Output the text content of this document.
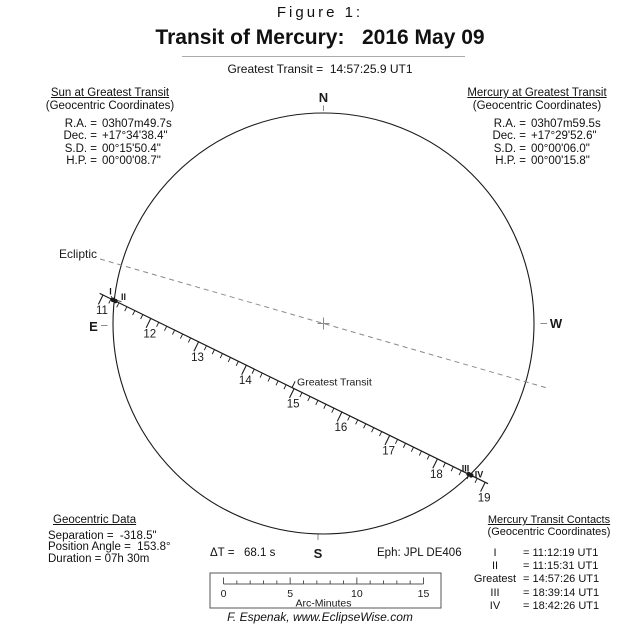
Ecliptic
N
S
E	W
11
12
13
14
15
16
17
18
19
Greatest Transit
I
II
III
IV
0	5	10	15
Arc-Minutes
Figure 1:
Transit of Mercury:   2016 May 09
Greatest Transit =  14:57:25.9 UT1
Sun at Greatest Transit
(Geocentric Coordinates)
R.A. = 03h07m49.7s
Dec. = +17°34'38.4"
S.D. = 00°15'50.4"
H.P. = 00°00'08.7"
Mercury at Greatest Transit
(Geocentric Coordinates)
R.A. = 03h07m59.5s
Dec. = +17°29'52.6"
S.D. = 00°00'06.0"
H.P. = 00°00'15.8"
Geocentric Data
Separation =  -318.5"
Position Angle =  153.8°
Duration = 07h 30m
Mercury Transit Contacts
(Geocentric Coordinates)
I	= 11:12:19 UT1
II	= 11:15:31 UT1
Greatest = 14:57:26 UT1
III	= 18:39:14 UT1
IV	= 18:42:26 UT1
ΔT =   68.1 s	Eph: JPL DE406
F. Espenak, www.EclipseWise.com
